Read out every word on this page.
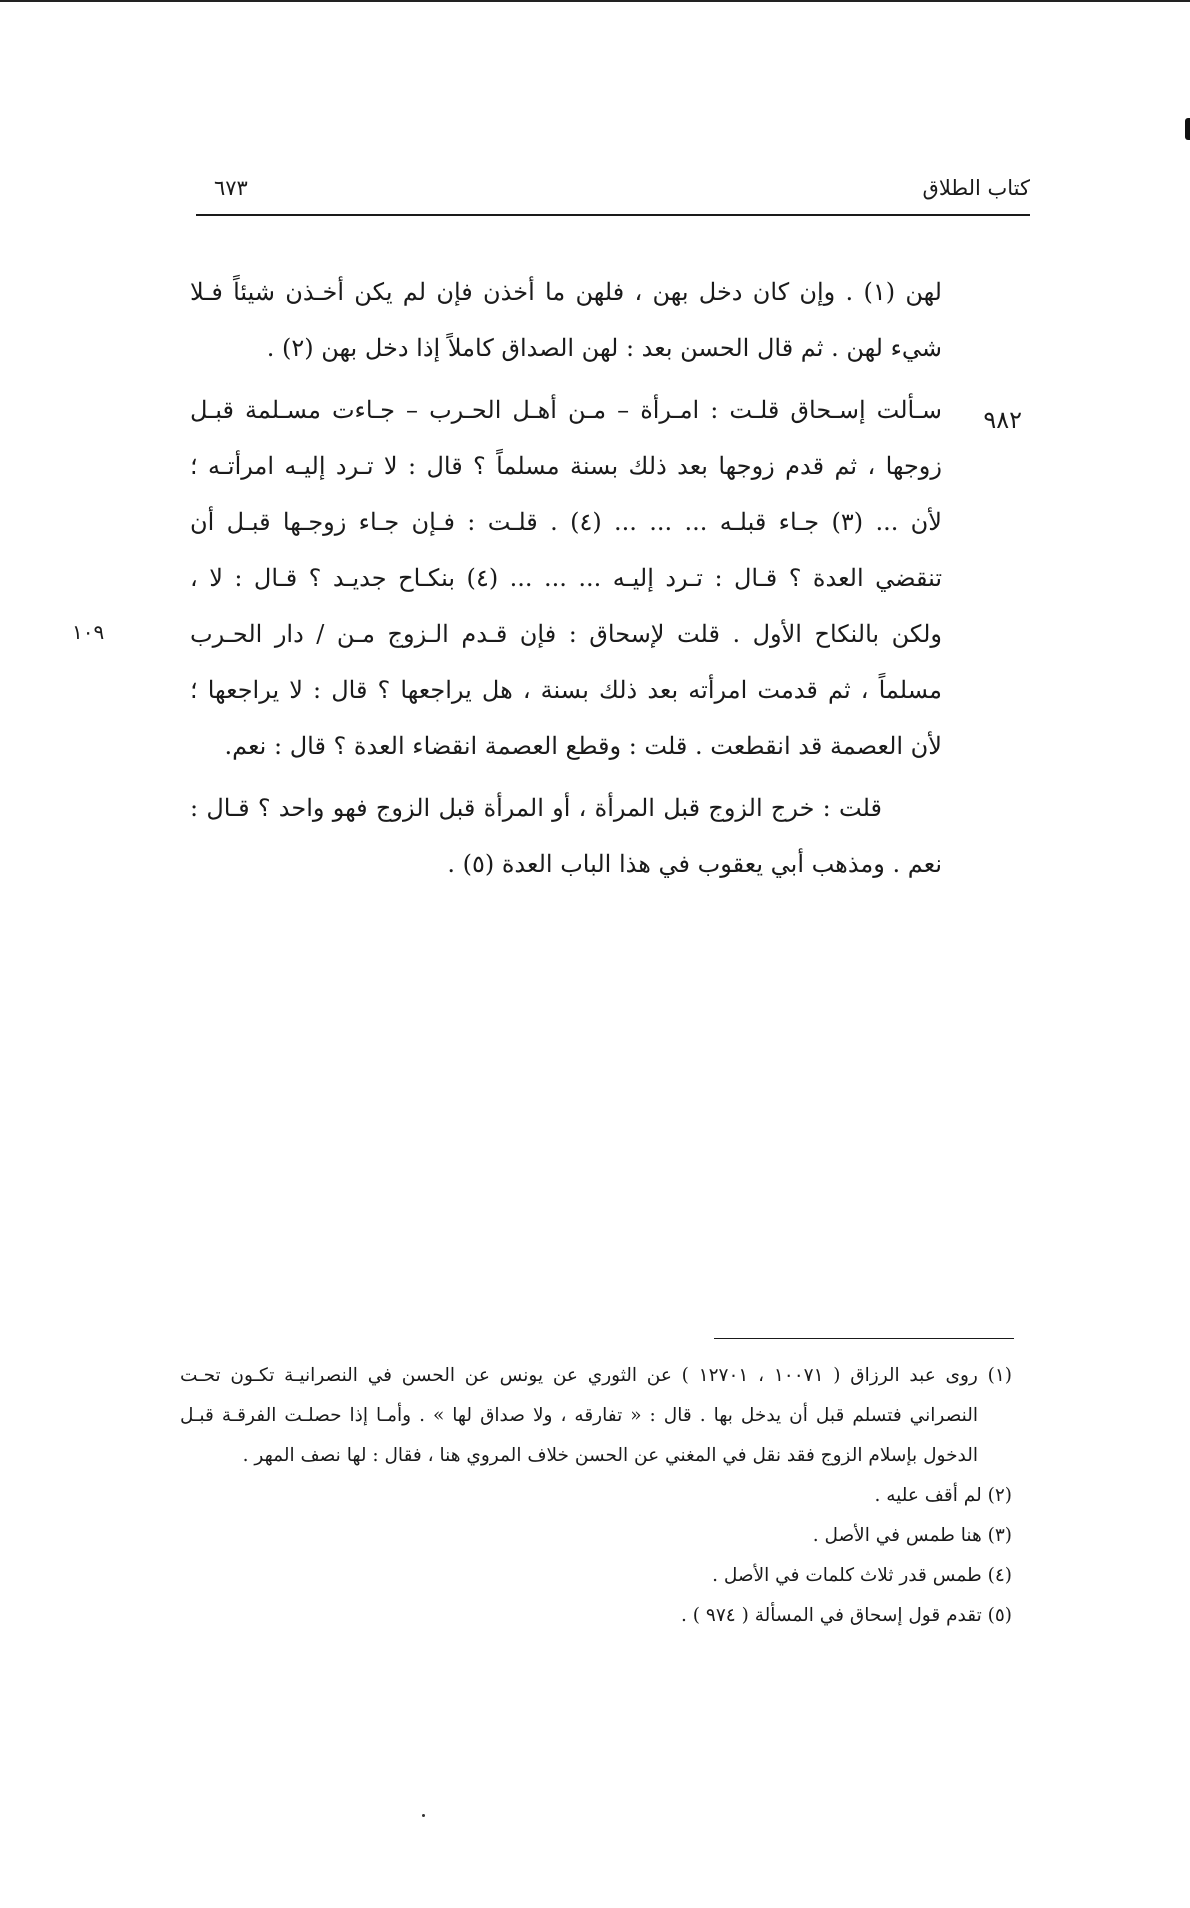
كتاب الطلاق
٦٧٣
٩٨٢
١٠٩
لهن (١) . وإن كان دخل بهن ، فلهن ما أخذن فإن لم يكن أخـذن شيئاً فـلا
شيء لهن . ثم قال الحسن بعد : لهن الصداق كاملاً إذا دخل بهن (٢) .
سـألت إسـحاق قلـت : امـرأة – مـن أهـل الحـرب – جـاءت مسـلمة قبـل
زوجها ، ثم قدم زوجها بعد ذلك بسنة مسلماً ؟ قال : لا تـرد إليـه امرأتـه ؛
لأن ... (٣) جـاء قبلـه ... ... ... (٤) . قلـت : فـإن جـاء زوجـها قبـل أن
تنقضي العدة ؟ قـال : تـرد إليـه ... ... ... (٤) بنكـاح جديـد ؟ قـال : لا ،
ولكن بالنكاح الأول . قلت لإسحاق : فإن قـدم الـزوج مـن / دار الحـرب
مسلماً ، ثم قدمت امرأته بعد ذلك بسنة ، هل يراجعها ؟ قال : لا يراجعها ؛
لأن العصمة قد انقطعت . قلت : وقطع العصمة انقضاء العدة ؟ قال : نعم.
قلت : خرج الزوج قبل المرأة ، أو المرأة قبل الزوج فهو واحد ؟ قـال :
نعم . ومذهب أبي يعقوب في هذا الباب العدة (٥) .
(١) روى عبد الرزاق ( ١٠٠٧١ ، ١٢٧٠١ ) عن الثوري عن يونس عن الحسن في النصرانيـة تكـون تحـت
النصراني فتسلم قبل أن يدخل بها . قال : « تفارقه ، ولا صداق لها » . وأمـا إذا حصلـت الفرقـة قبـل
الدخول بإسلام الزوج فقد نقل في المغني عن الحسن خلاف المروي هنا ، فقال : لها نصف المهر .
(٢) لم أقف عليه .
(٣) هنا طمس في الأصل .
(٤) طمس قدر ثلاث كلمات في الأصل .
(٥) تقدم قول إسحاق في المسألة ( ٩٧٤ ) .
